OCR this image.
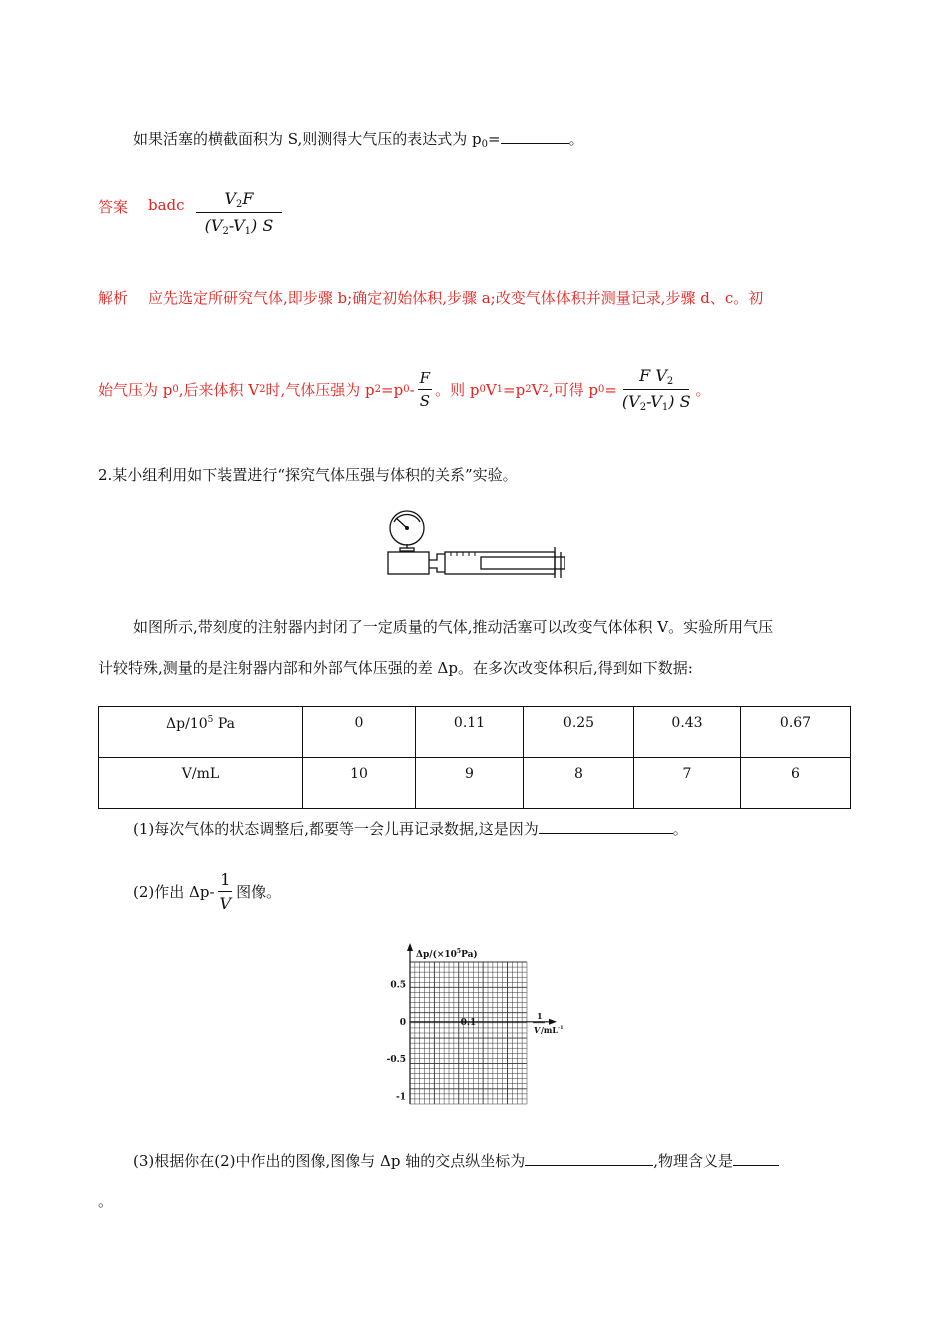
如果活塞的横截面积为 S,则测得大气压的表达式为 $p_0=$	。
答案 badc	$V_2F$
$(V_2-V_1)$ S
解析 应先选定所研究气体,即步骤 b;确定初始体积,步骤 a;改变气体体积并测量记录,步骤 d、c。初
始气压为 p 0 ,后来体积 V 2 时,气体压强为 p 2 =p $0 - \frac{F}{S}$ 。则 p 0 V 1 =p 2 V 2 ,可得 p $0 = \frac{F V_2}{(V_2-V_1) S}$ 。
2.某小组利用如下装置进行“探究气体压强与体积的关系”实验。
如图所示,带刻度的注射器内封闭了一定质量的气体,推动活塞可以改变气体体积 V。实验所用气压
计较特殊,测量的是注射器内部和外部气体压强的差 Δp。在多次改变体积后,得到如下数据:
$\Delta p/10^5$ Pa	0	0.11	0.25	0.43	0.67
V/mL	10	9	8	7	6
(1)每次气体的状态调整后,都要等一会儿再记录数据,这是因为	。
(2)作出 $\Delta p- \frac{1}{V}$ 图像。
$\Delta p/(\times 10^5Pa)$
0.5
0
-0.5
-1
0.1
1
V $/mL^{-1}$
(3)根据你在(2)中作出的图像,图像与 Δp 轴的交点纵坐标为	,物理含义是
。
